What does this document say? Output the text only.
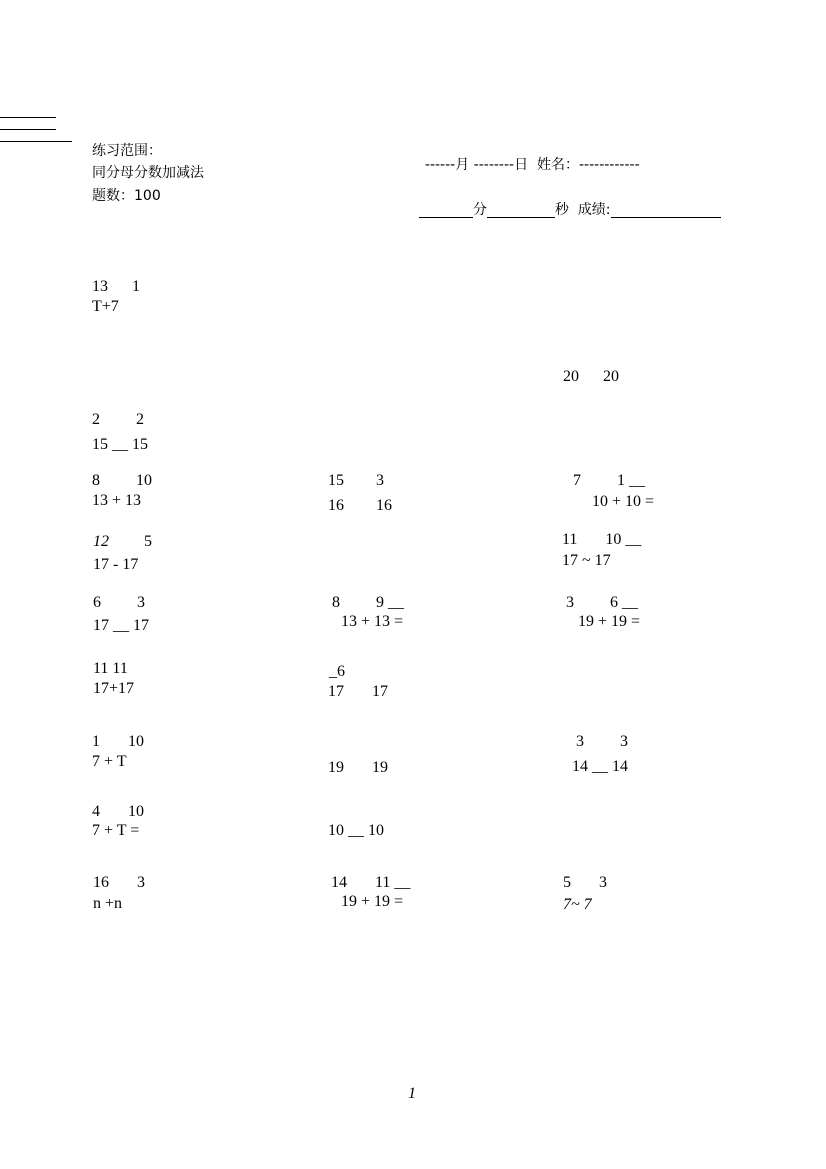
练习范围：
同分母分数加减法
题数：100

------月 --------日 姓名：------------

分	秒 成绩:

13      1
T+7
20      20
2         2
15 __ 15
8         10
13 + 13
15        3
16        16
7         1 __
10 + 10 =
12 5
17 - 17
11       10 __
17 ~ 17
6         3
17 __ 17
8         9 __
13 + 13 =
3         6 __
19 + 19 =
11 11
17+17
_6
17       17
1       10
7 + T	19       19
3         3
14 __ 14
4       10
7 + T =	10 __ 10
16       3
n +n
14       11 __
19 + 19 =
5       3
7~ 7
1
